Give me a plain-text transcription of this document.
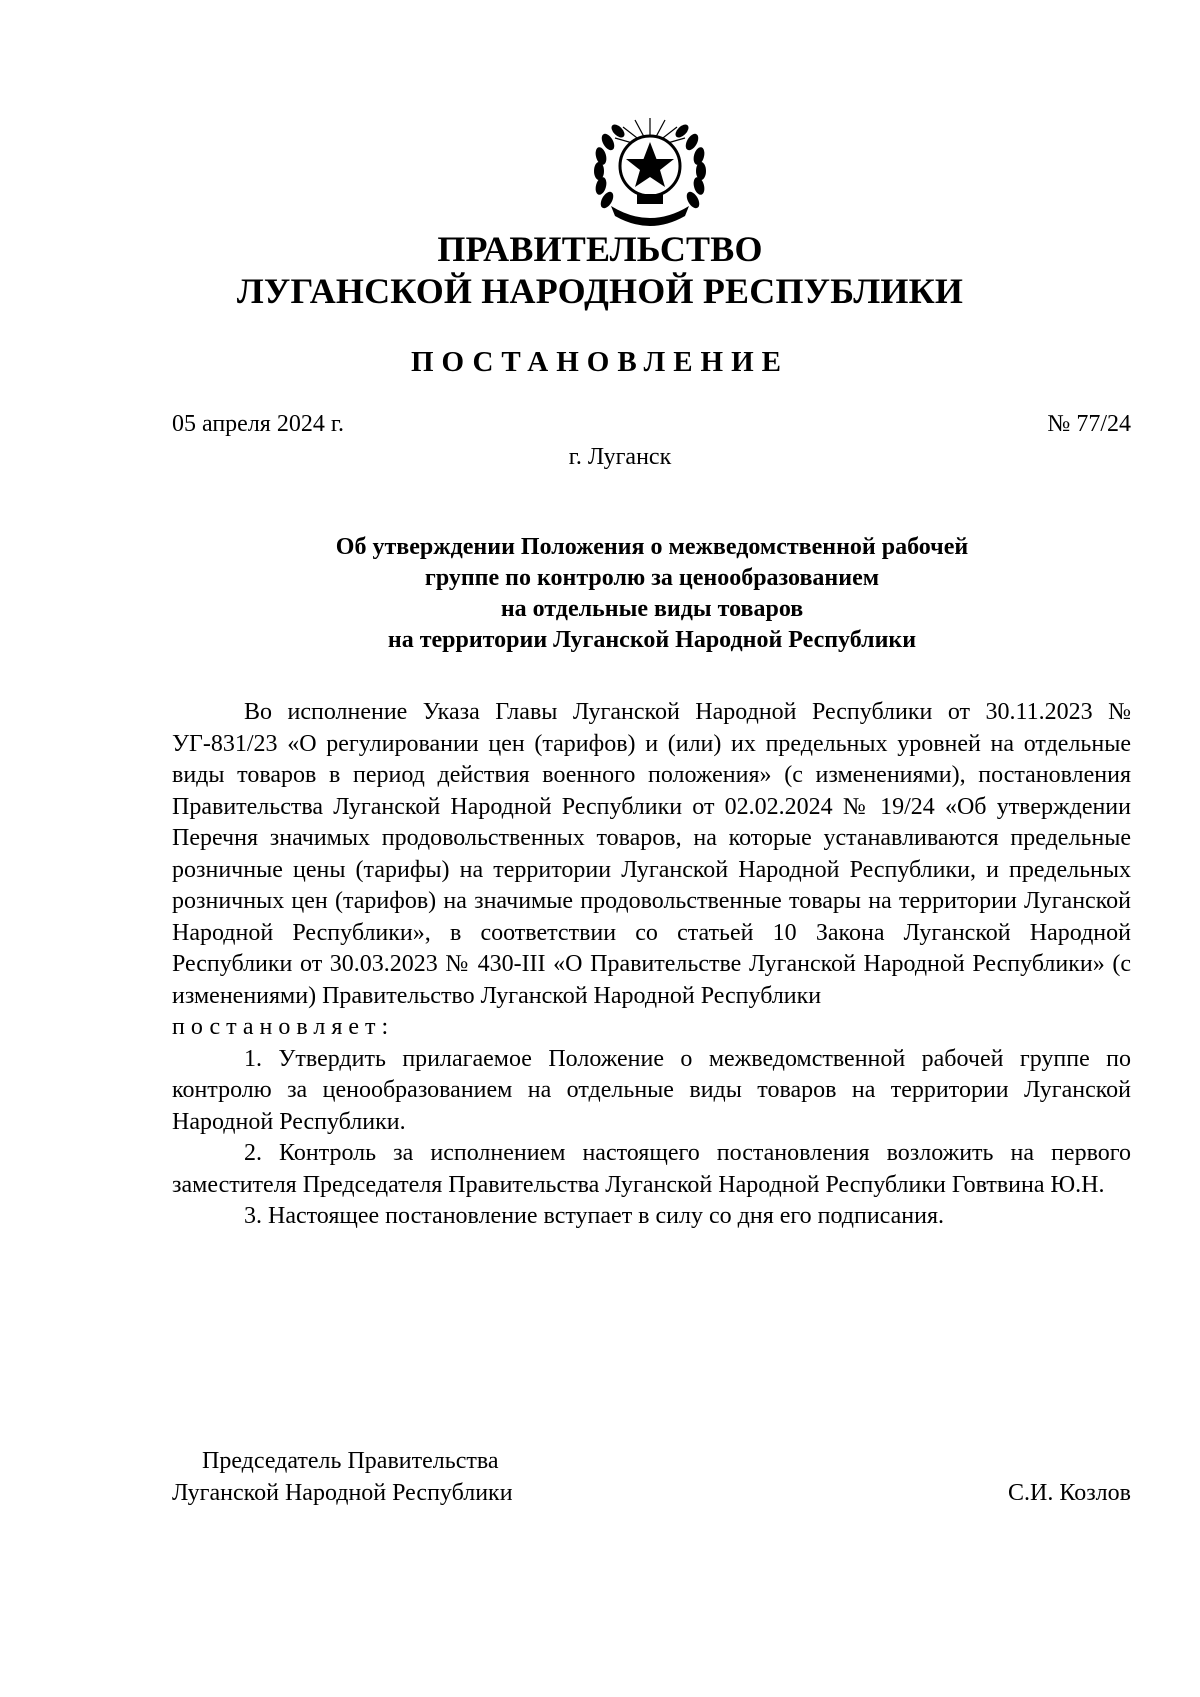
ПРАВИТЕЛЬСТВО
ЛУГАНСКОЙ НАРОДНОЙ РЕСПУБЛИКИ
ПОСТАНОВЛЕНИЕ
05 апреля 2024 г.	№ 77/24
г. Луганск
Об утверждении Положения о межведомственной рабочей
группе по контролю за ценообразованием
на отдельные виды товаров
на территории Луганской Народной Республики

Во исполнение Указа Главы Луганской Народной Республики от 30.11.2023 № УГ-831/23 «О регулировании цен (тарифов) и (или) их предельных уровней на отдельные виды товаров в период действия военного положения» (с изменениями), постановления Правительства Луганской Народной Республики от 02.02.2024 № 19/24 «Об утверждении Перечня значимых продовольственных товаров, на которые устанавливаются предельные розничные цены (тарифы) на территории Луганской Народной Республики, и предельных розничных цен (тарифов) на значимые продовольственные товары на территории Луганской Народной Республики», в соответствии со статьей 10 Закона Луганской Народной Республики от 30.03.2023 № 430-III «О Правительстве Луганской Народной Республики» (с изменениями) Правительство Луганской Народной Республики

постановляет:

1. Утвердить прилагаемое Положение о межведомственной рабочей группе по контролю за ценообразованием на отдельные виды товаров на территории Луганской Народной Республики.

2. Контроль за исполнением настоящего постановления возложить на первого заместителя Председателя Правительства Луганской Народной Республики Говтвина Ю.Н.

3. Настоящее постановление вступает в силу со дня его подписания.

Председатель Правительства
Луганской Народной Республики	С.И. Козлов
